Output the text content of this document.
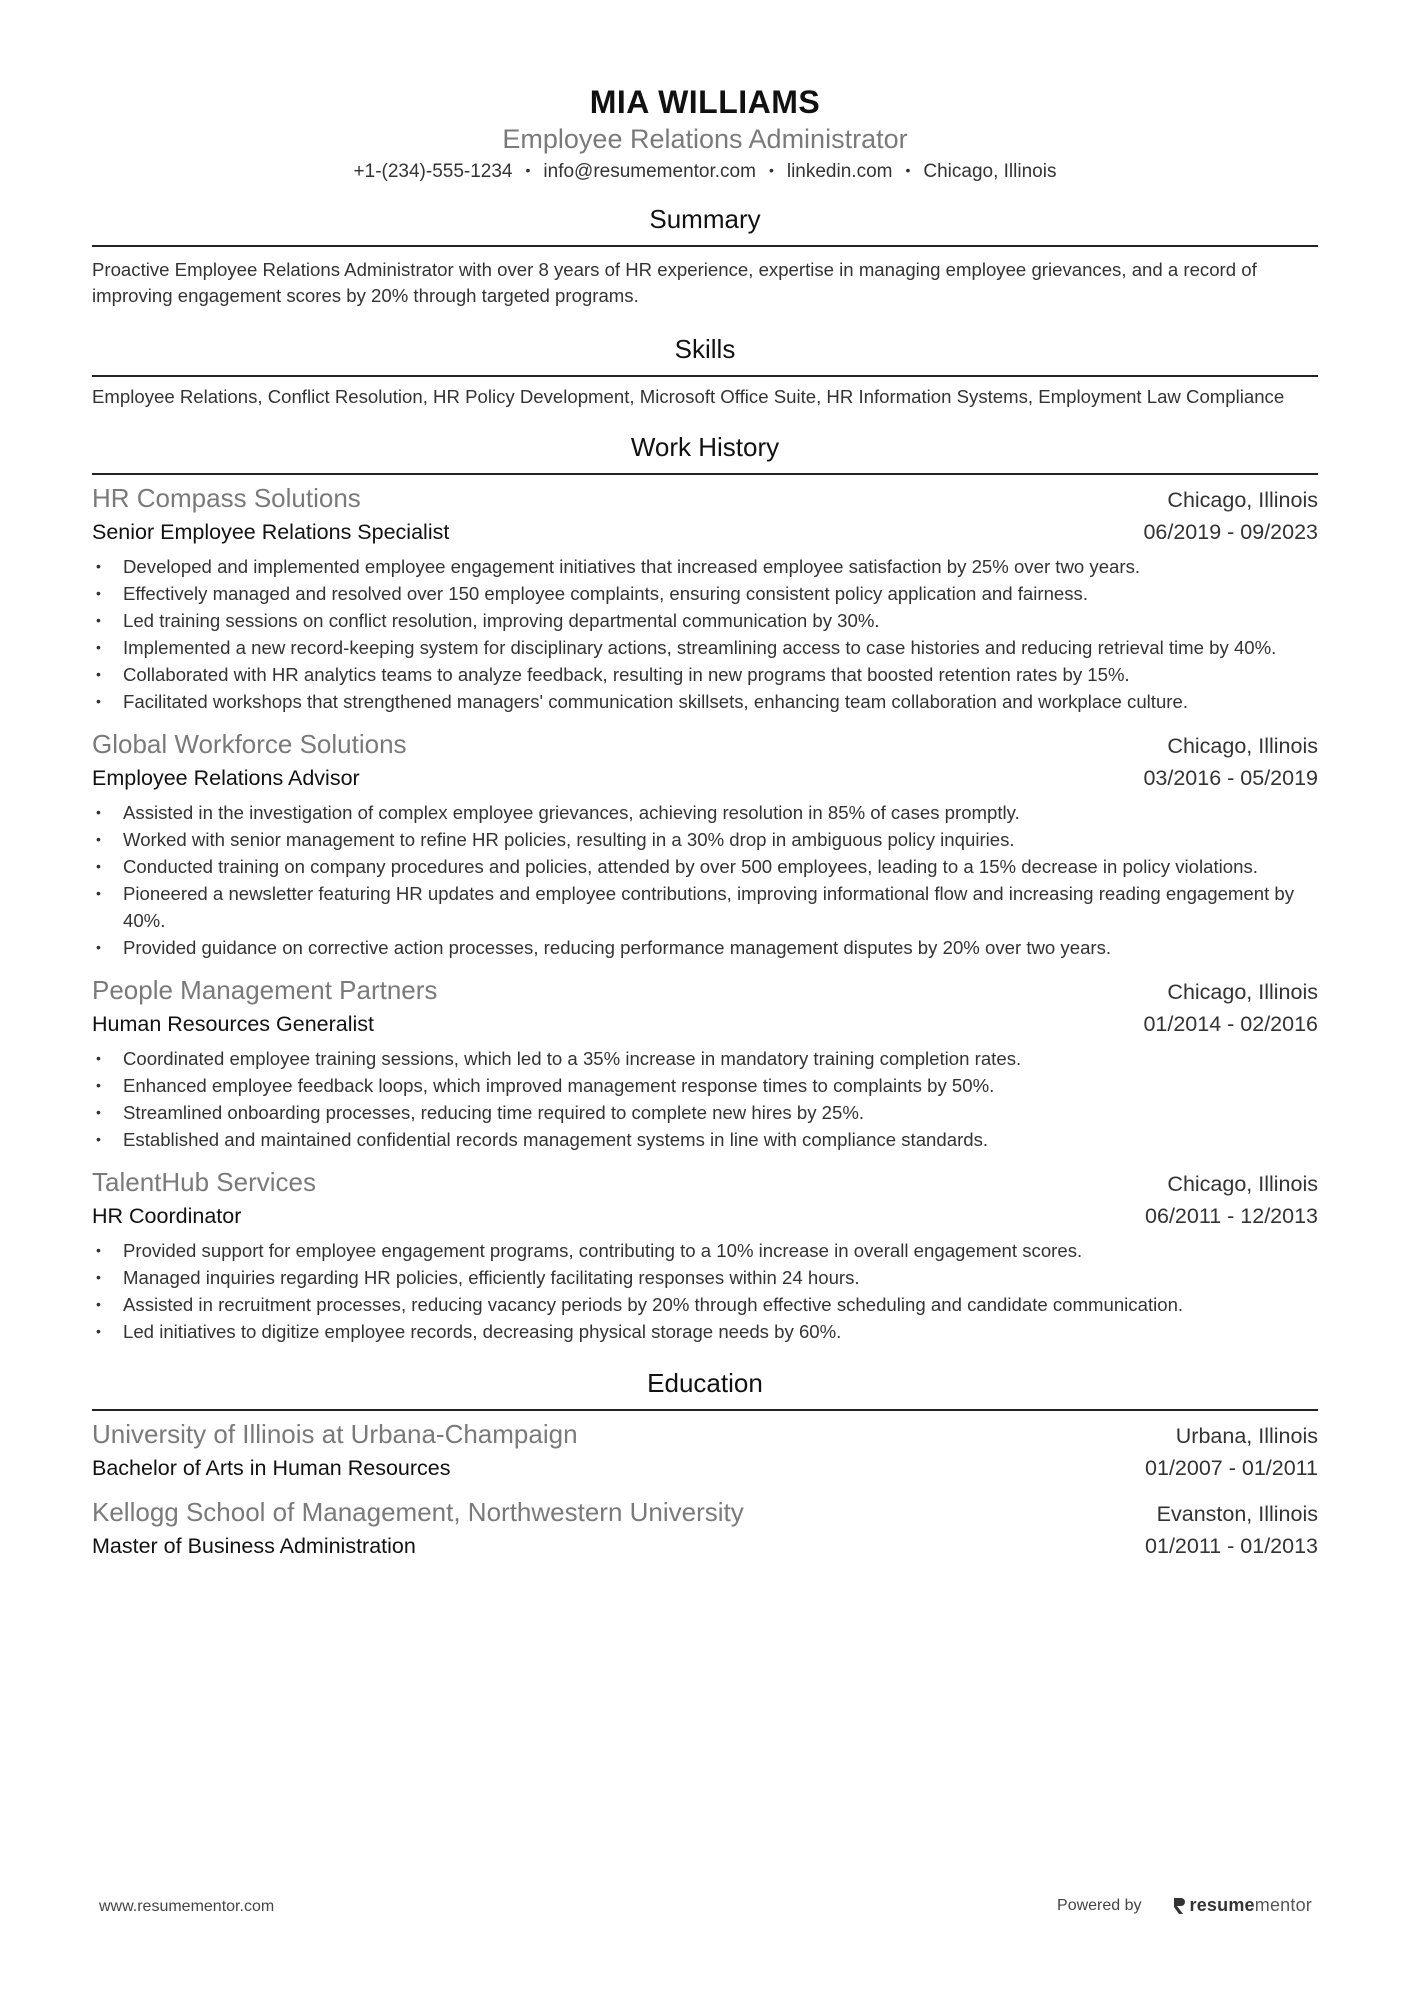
MIA WILLIAMS
Employee Relations Administrator
+1-(234)-555-1234 • info@resumementor.com • linkedin.com • Chicago, Illinois
Summary
Proactive Employee Relations Administrator with over 8 years of HR experience, expertise in managing employee grievances, and a record of improving engagement scores by 20% through targeted programs.
Skills
Employee Relations, Conflict Resolution, HR Policy Development, Microsoft Office Suite, HR Information Systems, Employment Law Compliance
Work History
HR Compass Solutions	Chicago, Illinois
Senior Employee Relations Specialist	06/2019 - 09/2023
• Developed and implemented employee engagement initiatives that increased employee satisfaction by 25% over two years.
• Effectively managed and resolved over 150 employee complaints, ensuring consistent policy application and fairness.
• Led training sessions on conflict resolution, improving departmental communication by 30%.
• Implemented a new record-keeping system for disciplinary actions, streamlining access to case histories and reducing retrieval time by 40%.
• Collaborated with HR analytics teams to analyze feedback, resulting in new programs that boosted retention rates by 15%.
• Facilitated workshops that strengthened managers' communication skillsets, enhancing team collaboration and workplace culture.
Global Workforce Solutions	Chicago, Illinois
Employee Relations Advisor	03/2016 - 05/2019
• Assisted in the investigation of complex employee grievances, achieving resolution in 85% of cases promptly.
• Worked with senior management to refine HR policies, resulting in a 30% drop in ambiguous policy inquiries.
• Conducted training on company procedures and policies, attended by over 500 employees, leading to a 15% decrease in policy violations.
• Pioneered a newsletter featuring HR updates and employee contributions, improving informational flow and increasing reading engagement by 40%.
• Provided guidance on corrective action processes, reducing performance management disputes by 20% over two years.
People Management Partners	Chicago, Illinois
Human Resources Generalist	01/2014 - 02/2016
• Coordinated employee training sessions, which led to a 35% increase in mandatory training completion rates.
• Enhanced employee feedback loops, which improved management response times to complaints by 50%.
• Streamlined onboarding processes, reducing time required to complete new hires by 25%.
• Established and maintained confidential records management systems in line with compliance standards.
TalentHub Services	Chicago, Illinois
HR Coordinator	06/2011 - 12/2013
• Provided support for employee engagement programs, contributing to a 10% increase in overall engagement scores.
• Managed inquiries regarding HR policies, efficiently facilitating responses within 24 hours.
• Assisted in recruitment processes, reducing vacancy periods by 20% through effective scheduling and candidate communication.
• Led initiatives to digitize employee records, decreasing physical storage needs by 60%.
Education
University of Illinois at Urbana-Champaign	Urbana, Illinois
Bachelor of Arts in Human Resources	01/2007 - 01/2011
Kellogg School of Management, Northwestern University	Evanston, Illinois
Master of Business Administration	01/2011 - 01/2013
www.resumementor.com	Powered by	resumementor
